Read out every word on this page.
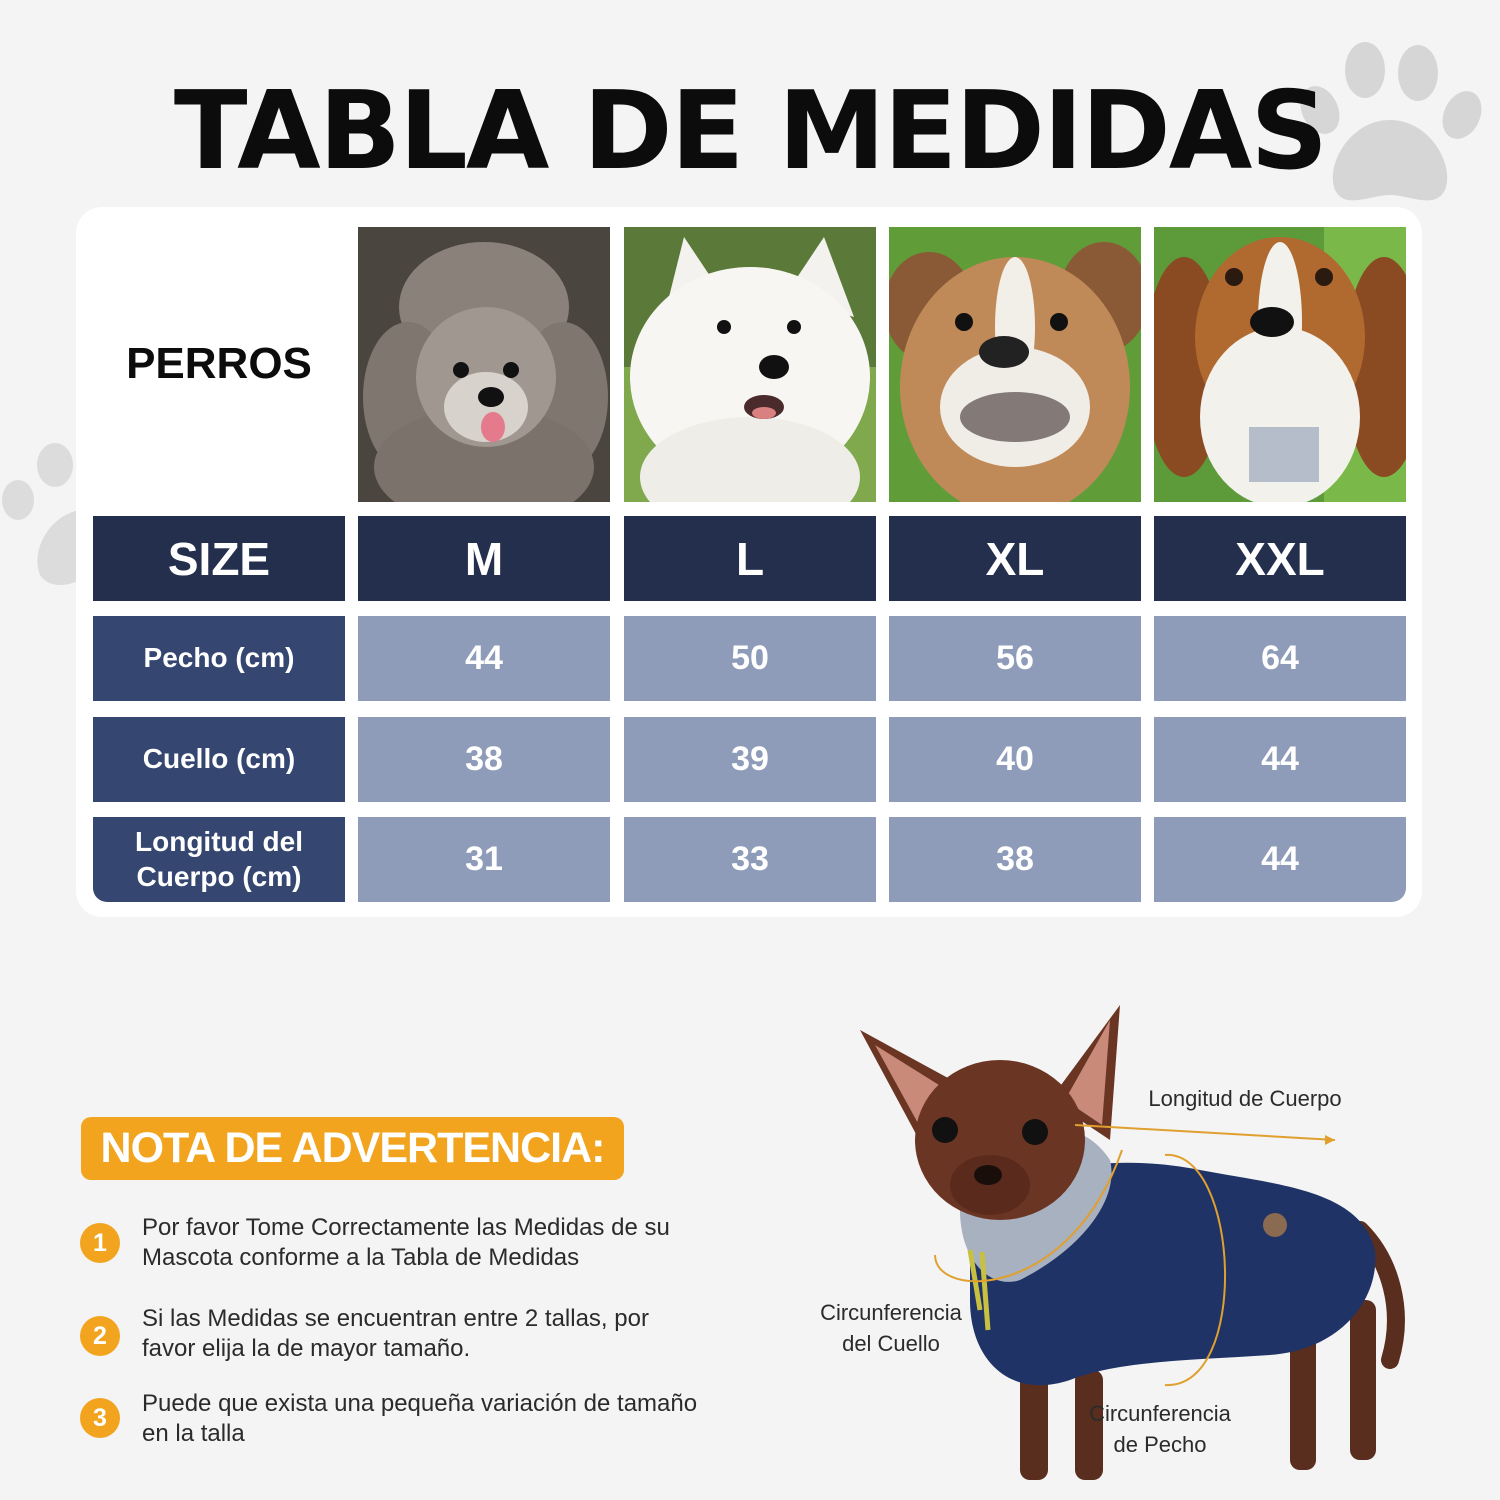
TABLA DE MEDIDAS
PERROS
SIZE	M	L	XL	XXL
Pecho (cm)	44	50	56	64
Cuello (cm)	38	39	40	44
Longitud del Cuerpo (cm)	31	33	38	44
NOTA DE ADVERTENCIA:
1
Por favor Tome Correctamente las Medidas de su Mascota conforme a la Tabla de Medidas
2
Si las Medidas se encuentran entre 2 tallas, por favor elija la de mayor tamaño.
3	Puede que exista una pequeña variación de tamaño en la talla
Longitud de Cuerpo
Circunferencia del Cuello
Circunferencia de Pecho
